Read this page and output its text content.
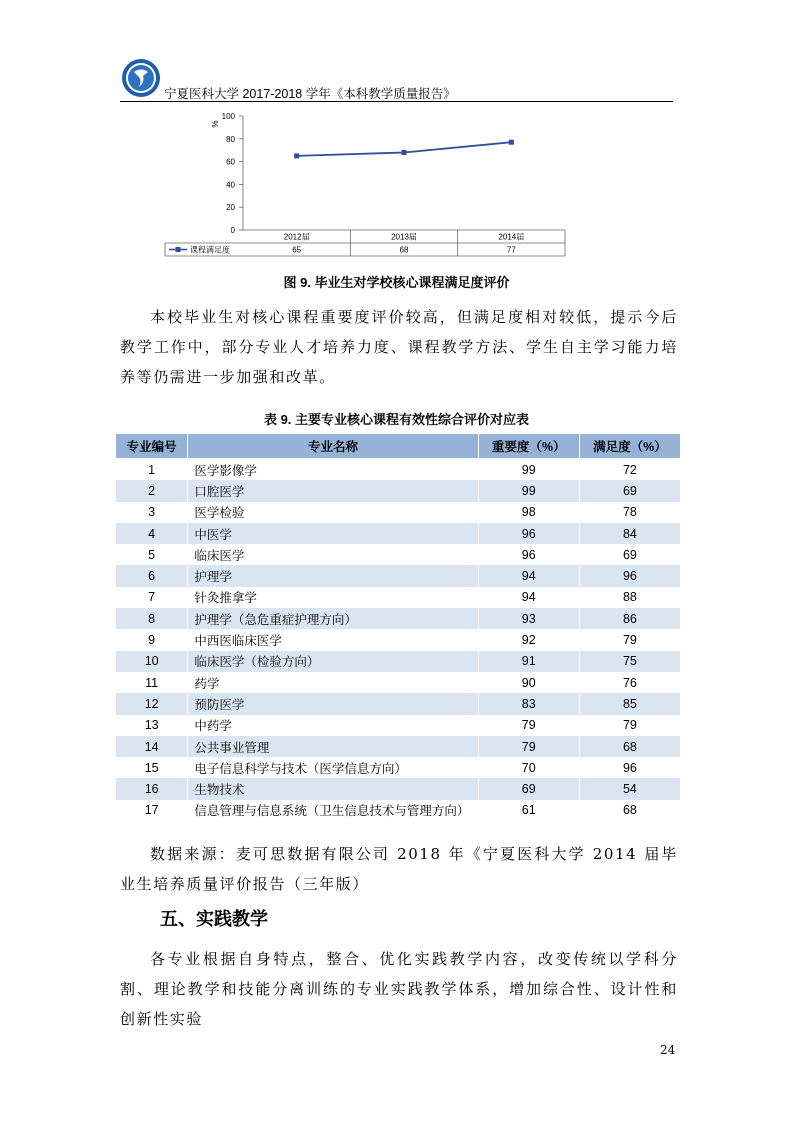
宁夏医科大学 2017-2018 学年《本科教学质量报告》
0
20
40
60
80
100
%
2012届
65
2013届
68
2014届
77
课程满足度
图 9. 毕业生对学校核心课程满足度评价

本校毕业生对核心课程重要度评价较高，但满足度相对较低，提示今后教学工作中，部分专业人才培养力度、课程教学方法、学生自主学习能力培养等仍需进一步加强和改革。

表 9. 主要专业核心课程有效性综合评价对应表
专业编号	专业名称	重要度（%）	满足度（%）
1	医学影像学	99	72
2	口腔医学	99	69
3	医学检验	98	78
4	中医学	96	84
5	临床医学	96	69
6	护理学	94	96
7	针灸推拿学	94	88
8	护理学（急危重症护理方向）	93	86
9	中西医临床医学	92	79
10	临床医学（检验方向）	91	75
11	药学	90	76
12	预防医学	83	85
13	中药学	79	79
14	公共事业管理	79	68
15	电子信息科学与技术（医学信息方向）	70	96
16	生物技术	69	54
17	信息管理与信息系统（卫生信息技术与管理方向）	61	68

数据来源：麦可思数据有限公司 2018 年《宁夏医科大学 2014 届毕业生培养质量评价报告（三年版）

五、实践教学

各专业根据自身特点，整合、优化实践教学内容，改变传统以学科分割、理论教学和技能分离训练的专业实践教学体系，增加综合性、设计性和创新性实验

24
